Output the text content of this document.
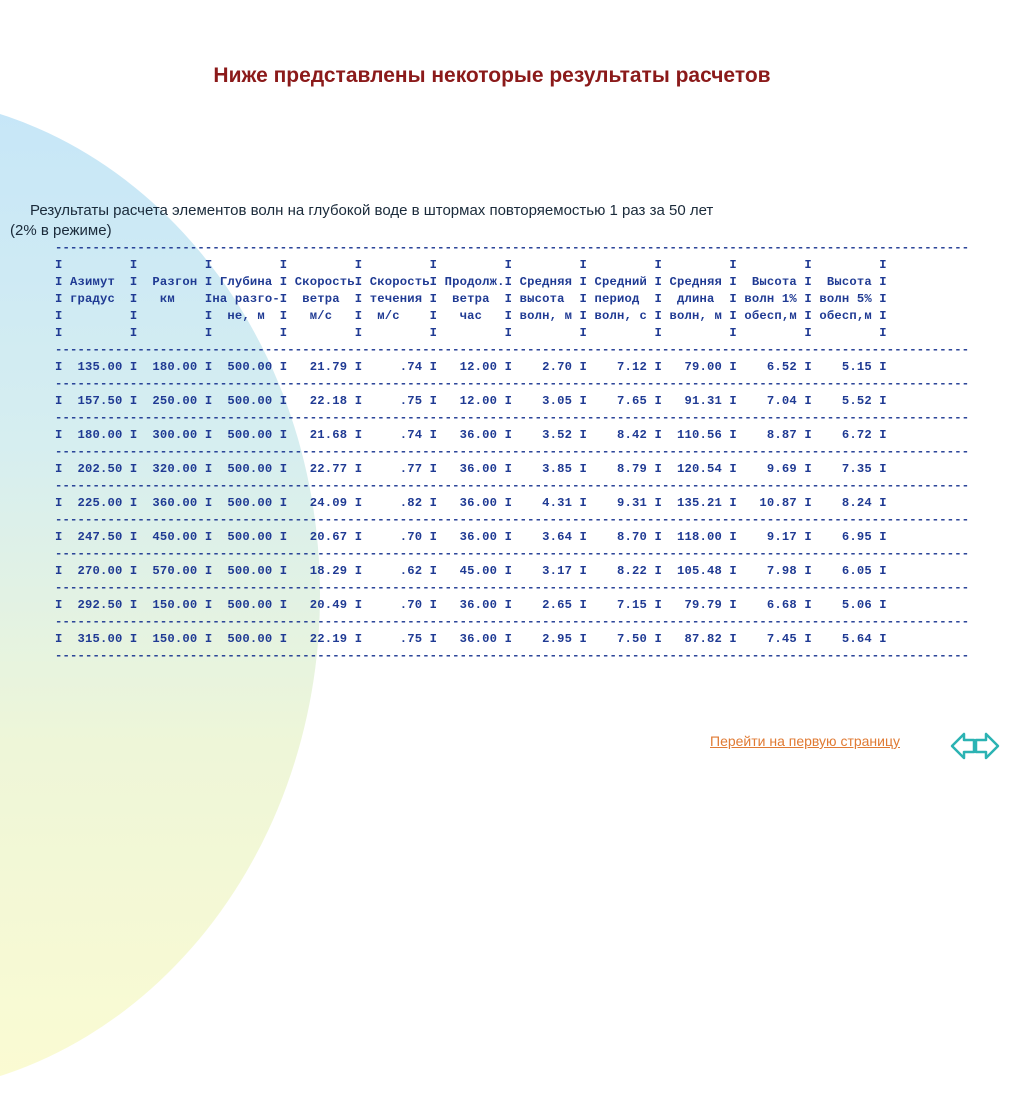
Ниже представлены некоторые результаты расчетов
Результаты расчета элементов волн на глубокой воде в штормах повторяемостью 1 раз за 50 лет
(2% в режиме)
--------------------------------------------------------------------------------------------------------------------------
I         I         I         I         I         I         I         I         I         I         I         I
I Азимут  I  Разгон I Глубина I СкоростьI СкоростьI Продолж.I Средняя I Средний I Средняя I  Высота I  Высота I
I градус  I   км    Iна разго-I  ветра  I течения I  ветра  I высота  I период  I  длина  I волн 1% I волн 5% I
I         I         I  не, м  I   м/с   I  м/с    I   час   I волн, м I волн, с I волн, м I обесп,м I обесп,м I
I         I         I         I         I         I         I         I         I         I         I         I
--------------------------------------------------------------------------------------------------------------------------
I  135.00 I  180.00 I  500.00 I   21.79 I     .74 I   12.00 I    2.70 I    7.12 I   79.00 I    6.52 I    5.15 I
--------------------------------------------------------------------------------------------------------------------------
I  157.50 I  250.00 I  500.00 I   22.18 I     .75 I   12.00 I    3.05 I    7.65 I   91.31 I    7.04 I    5.52 I
--------------------------------------------------------------------------------------------------------------------------
I  180.00 I  300.00 I  500.00 I   21.68 I     .74 I   36.00 I    3.52 I    8.42 I  110.56 I    8.87 I    6.72 I
--------------------------------------------------------------------------------------------------------------------------
I  202.50 I  320.00 I  500.00 I   22.77 I     .77 I   36.00 I    3.85 I    8.79 I  120.54 I    9.69 I    7.35 I
--------------------------------------------------------------------------------------------------------------------------
I  225.00 I  360.00 I  500.00 I   24.09 I     .82 I   36.00 I    4.31 I    9.31 I  135.21 I   10.87 I    8.24 I
--------------------------------------------------------------------------------------------------------------------------
I  247.50 I  450.00 I  500.00 I   20.67 I     .70 I   36.00 I    3.64 I    8.70 I  118.00 I    9.17 I    6.95 I
--------------------------------------------------------------------------------------------------------------------------
I  270.00 I  570.00 I  500.00 I   18.29 I     .62 I   45.00 I    3.17 I    8.22 I  105.48 I    7.98 I    6.05 I
--------------------------------------------------------------------------------------------------------------------------
I  292.50 I  150.00 I  500.00 I   20.49 I     .70 I   36.00 I    2.65 I    7.15 I   79.79 I    6.68 I    5.06 I
--------------------------------------------------------------------------------------------------------------------------
I  315.00 I  150.00 I  500.00 I   22.19 I     .75 I   36.00 I    2.95 I    7.50 I   87.82 I    7.45 I    5.64 I
--------------------------------------------------------------------------------------------------------------------------
Перейти на первую страницу
